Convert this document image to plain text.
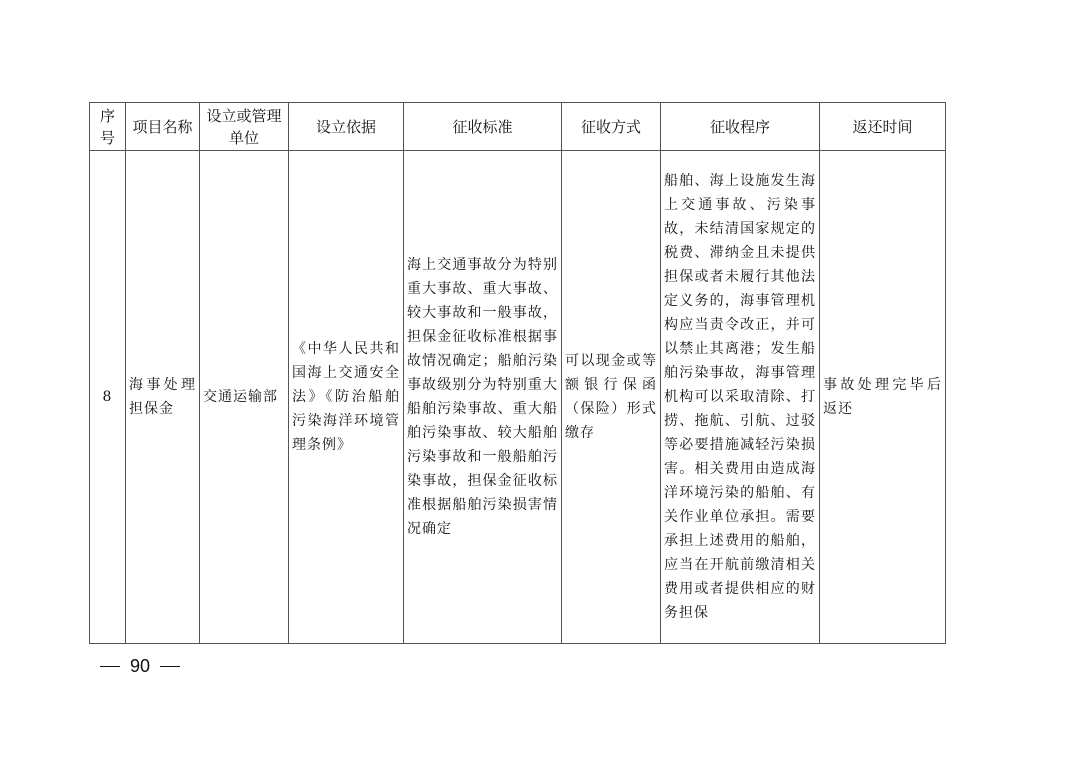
序号	项目名称	设立或管理单位	设立依据	征收标准	征收方式	征收程序	返还时间
8	海事处理担保金	交通运输部	《中华人民共和国海上交通安全法》《防治船舶污染海洋环境管理条例》	海上交通事故分为特别重大事故、重大事故、较大事故和一般事故，担保金征收标准根据事故情况确定；船舶污染事故级别分为特别重大船舶污染事故、重大船舶污染事故、较大船舶污染事故和一般船舶污染事故，担保金征收标准根据船舶污染损害情况确定	可以现金或等额银行保函（保险）形式缴存	船舶、海上设施发生海上交通事故、污染事故，未结清国家规定的税费、滞纳金且未提供担保或者未履行其他法定义务的，海事管理机构应当责令改正，并可以禁止其离港；发生船舶污染事故，海事管理机构可以采取清除、打捞、拖航、引航、过驳等必要措施减轻污染损害。相关费用由造成海洋环境污染的船舶、有关作业单位承担。需要承担上述费用的船舶，应当在开航前缴清相关费用或者提供相应的财务担保	事故处理完毕后返还
90
